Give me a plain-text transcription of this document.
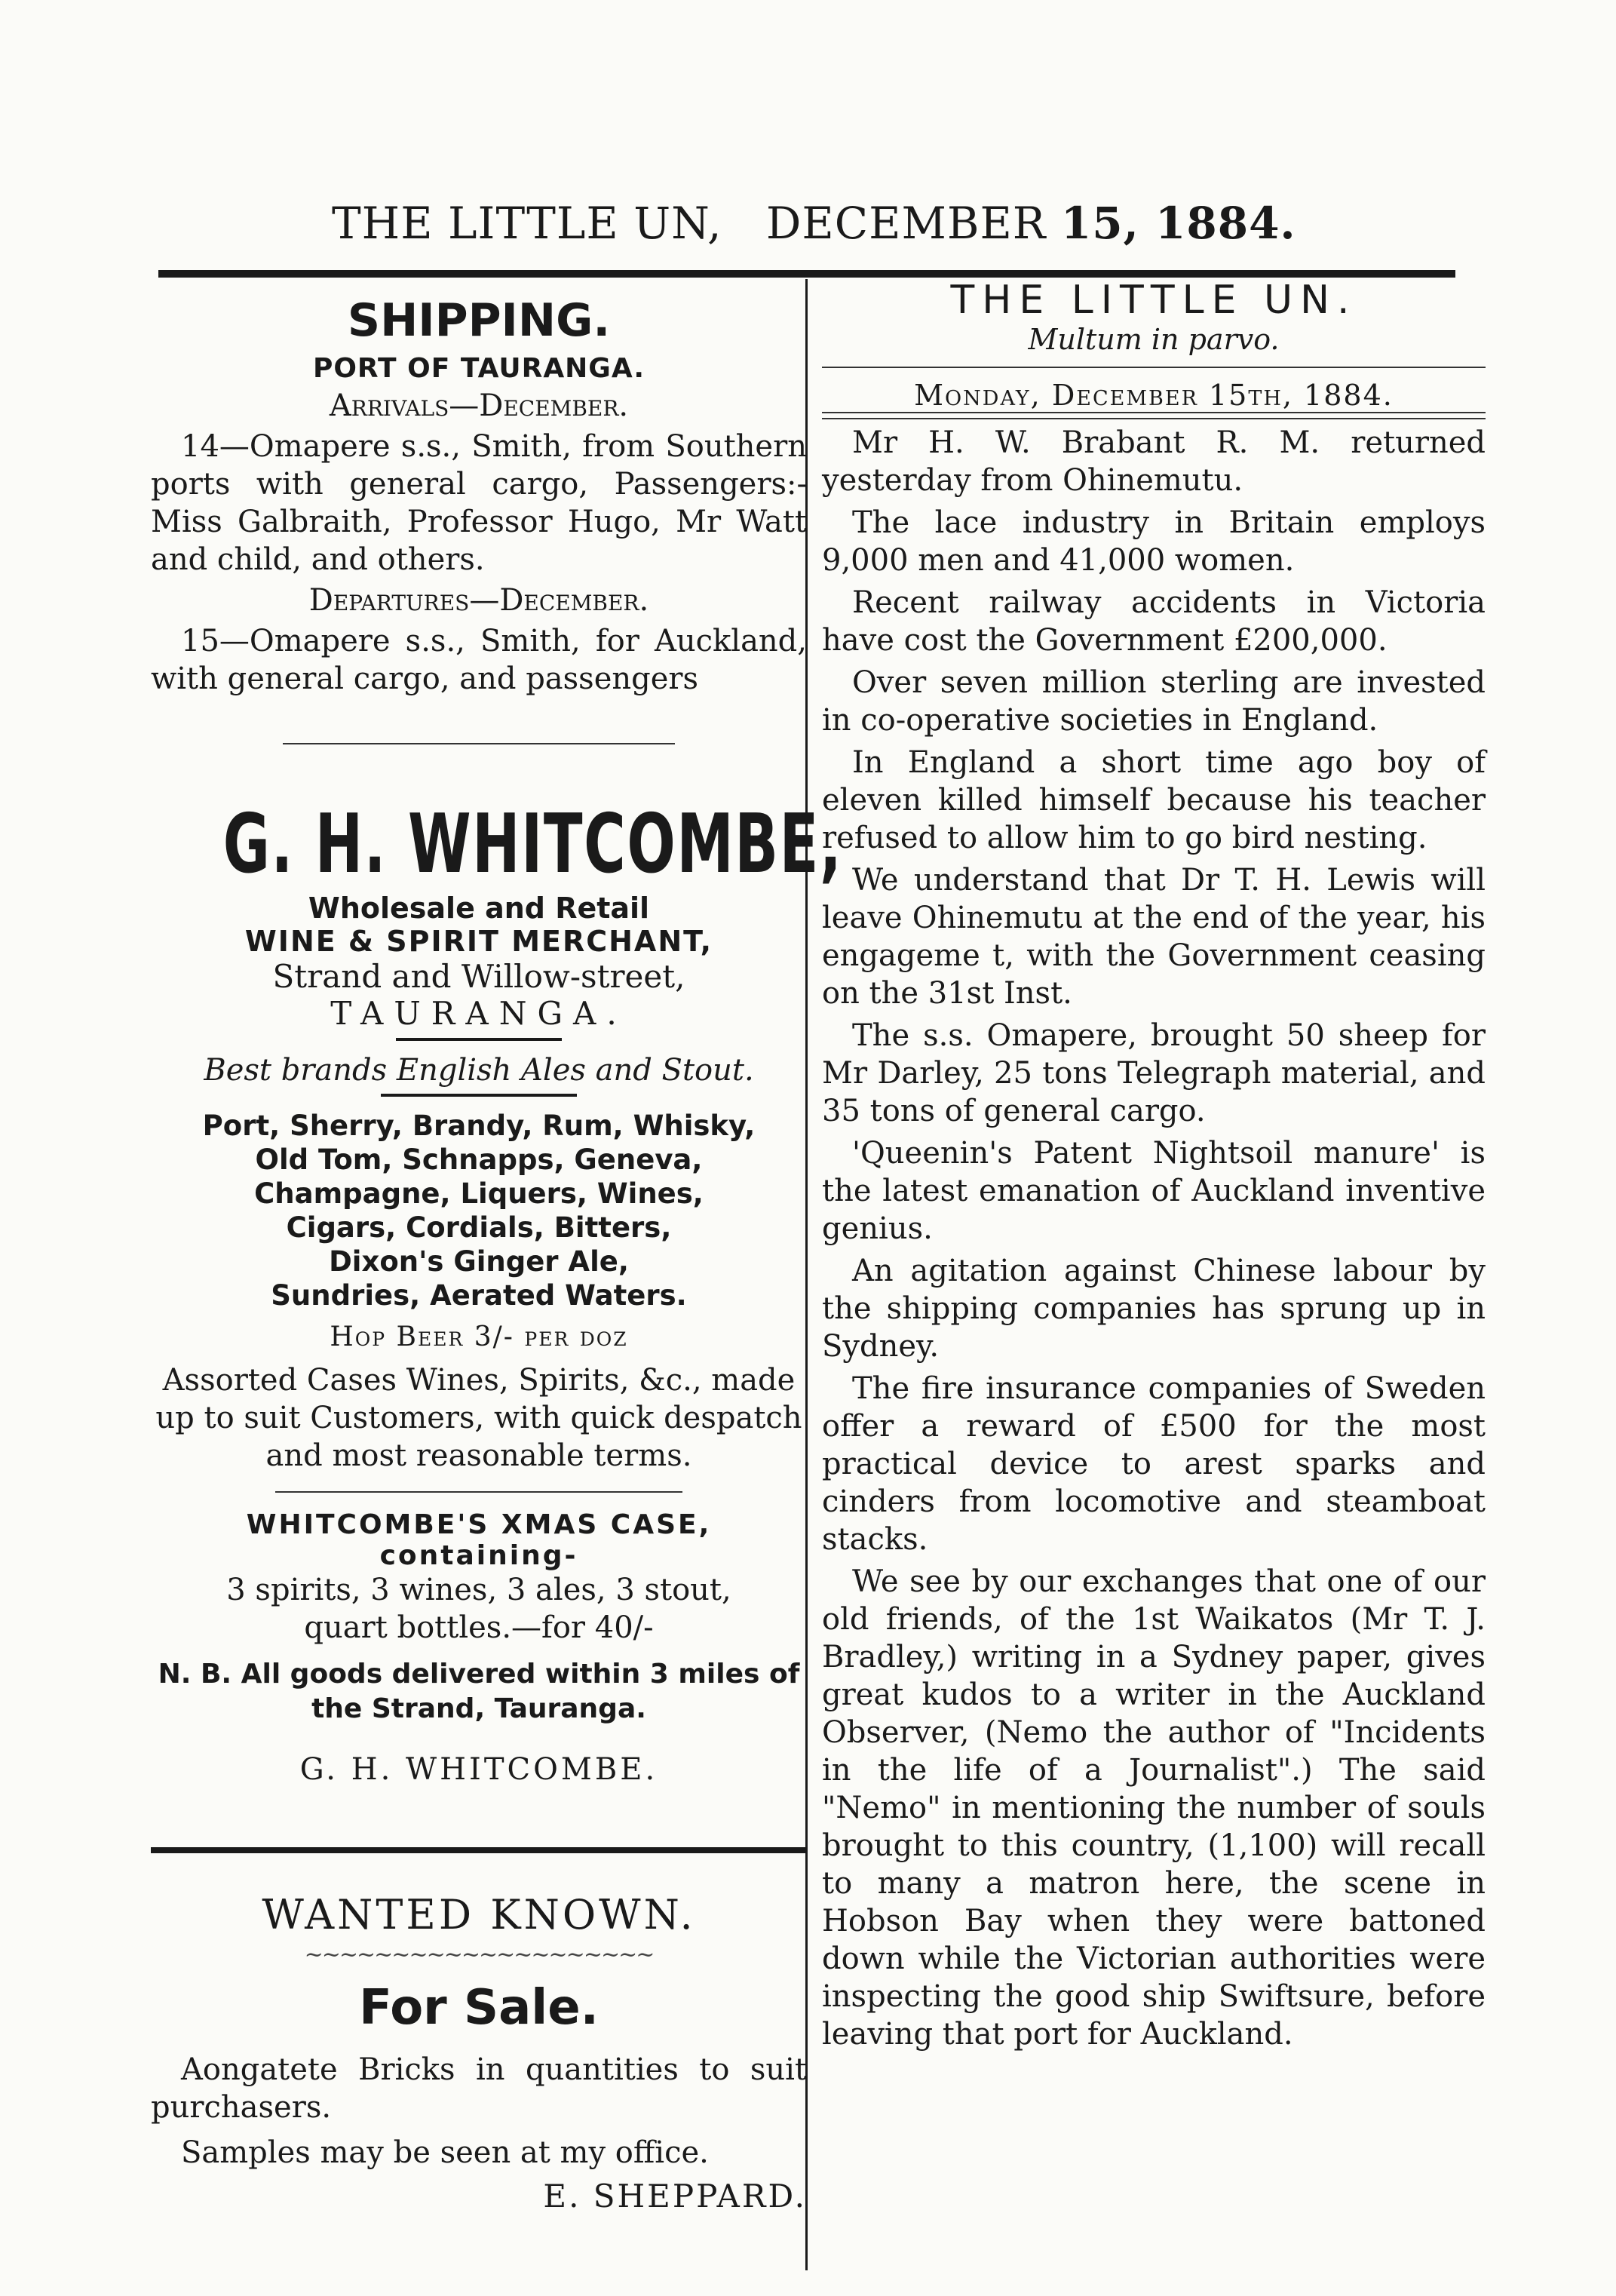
THE LITTLE UN, DECEMBER 15, 1884.
SHIPPING.
PORT OF TAURANGA.
Arrivals—December.

14—Omapere s.s., Smith, from Southern ports with general cargo, Passengers:- Miss Galbraith, Professor Hugo, Mr Watt and child, and others.

Departures—December.

15—Omapere s.s., Smith, for Auckland, with general cargo, and passengers

G. H. WHITCOMBE,
Wholesale and Retail
WINE & SPIRIT MERCHANT,
Strand and Willow-street,
TAURANGA.
Best brands English Ales and Stout.
Port, Sherry, Brandy, Rum, Whisky,
Old Tom, Schnapps, Geneva,
Champagne, Liquers, Wines,
Cigars, Cordials, Bitters,
Dixon's Ginger Ale,
Sundries, Aerated Waters.
Hop Beer 3/- per doz

Assorted Cases Wines, Spirits, &c., made up to suit Customers, with quick despatch and most reasonable terms.

WHITCOMBE'S XMAS CASE,
containing-

3 spirits, 3 wines, 3 ales, 3 stout, quart bottles.—for 40/-

N. B. All goods delivered within 3 miles of the Strand, Tauranga.
G. H. WHITCOMBE.
WANTED KNOWN.
~~~~~~~~~~~~~~~~~~~~
For Sale.

Aongatete Bricks in quantities to suit purchasers.

Samples may be seen at my office.

E. SHEPPARD.
THE LITTLE UN.
Multum in parvo.
Monday, December 15th, 1884.

Mr H. W. Brabant R. M. returned yesterday from Ohinemutu.

The lace industry in Britain employs 9,000 men and 41,000 women.

Recent railway accidents in Victoria have cost the Government £200,000.

Over seven million sterling are invested in co-operative societies in England.

In England a short time ago boy of eleven killed himself because his teacher refused to allow him to go bird nesting.

We understand that Dr T. H. Lewis will leave Ohinemutu at the end of the year, his engageme t, with the Government ceasing on the 31st Inst.

The s.s. Omapere, brought 50 sheep for Mr Darley, 25 tons Telegraph material, and 35 tons of general cargo.

'Queenin's Patent Nightsoil manure' is the latest emanation of Auckland inventive genius.

An agitation against Chinese labour by the shipping companies has sprung up in Sydney.

The fire insurance companies of Sweden offer a reward of £500 for the most practical device to arest sparks and cinders from locomotive and steamboat stacks.

We see by our exchanges that one of our old friends, of the 1st Waikatos (Mr T. J. Bradley,) writing in a Sydney paper, gives great kudos to a writer in the Auckland Observer, (Nemo the author of "Incidents in the life of a Journalist".) The said "Nemo" in mentioning the number of souls brought to this country, (1,100) will recall to many a matron here, the scene in Hobson Bay when they were battoned down while the Victorian authorities were inspecting the good ship Swiftsure, before leaving that port for Auckland.
